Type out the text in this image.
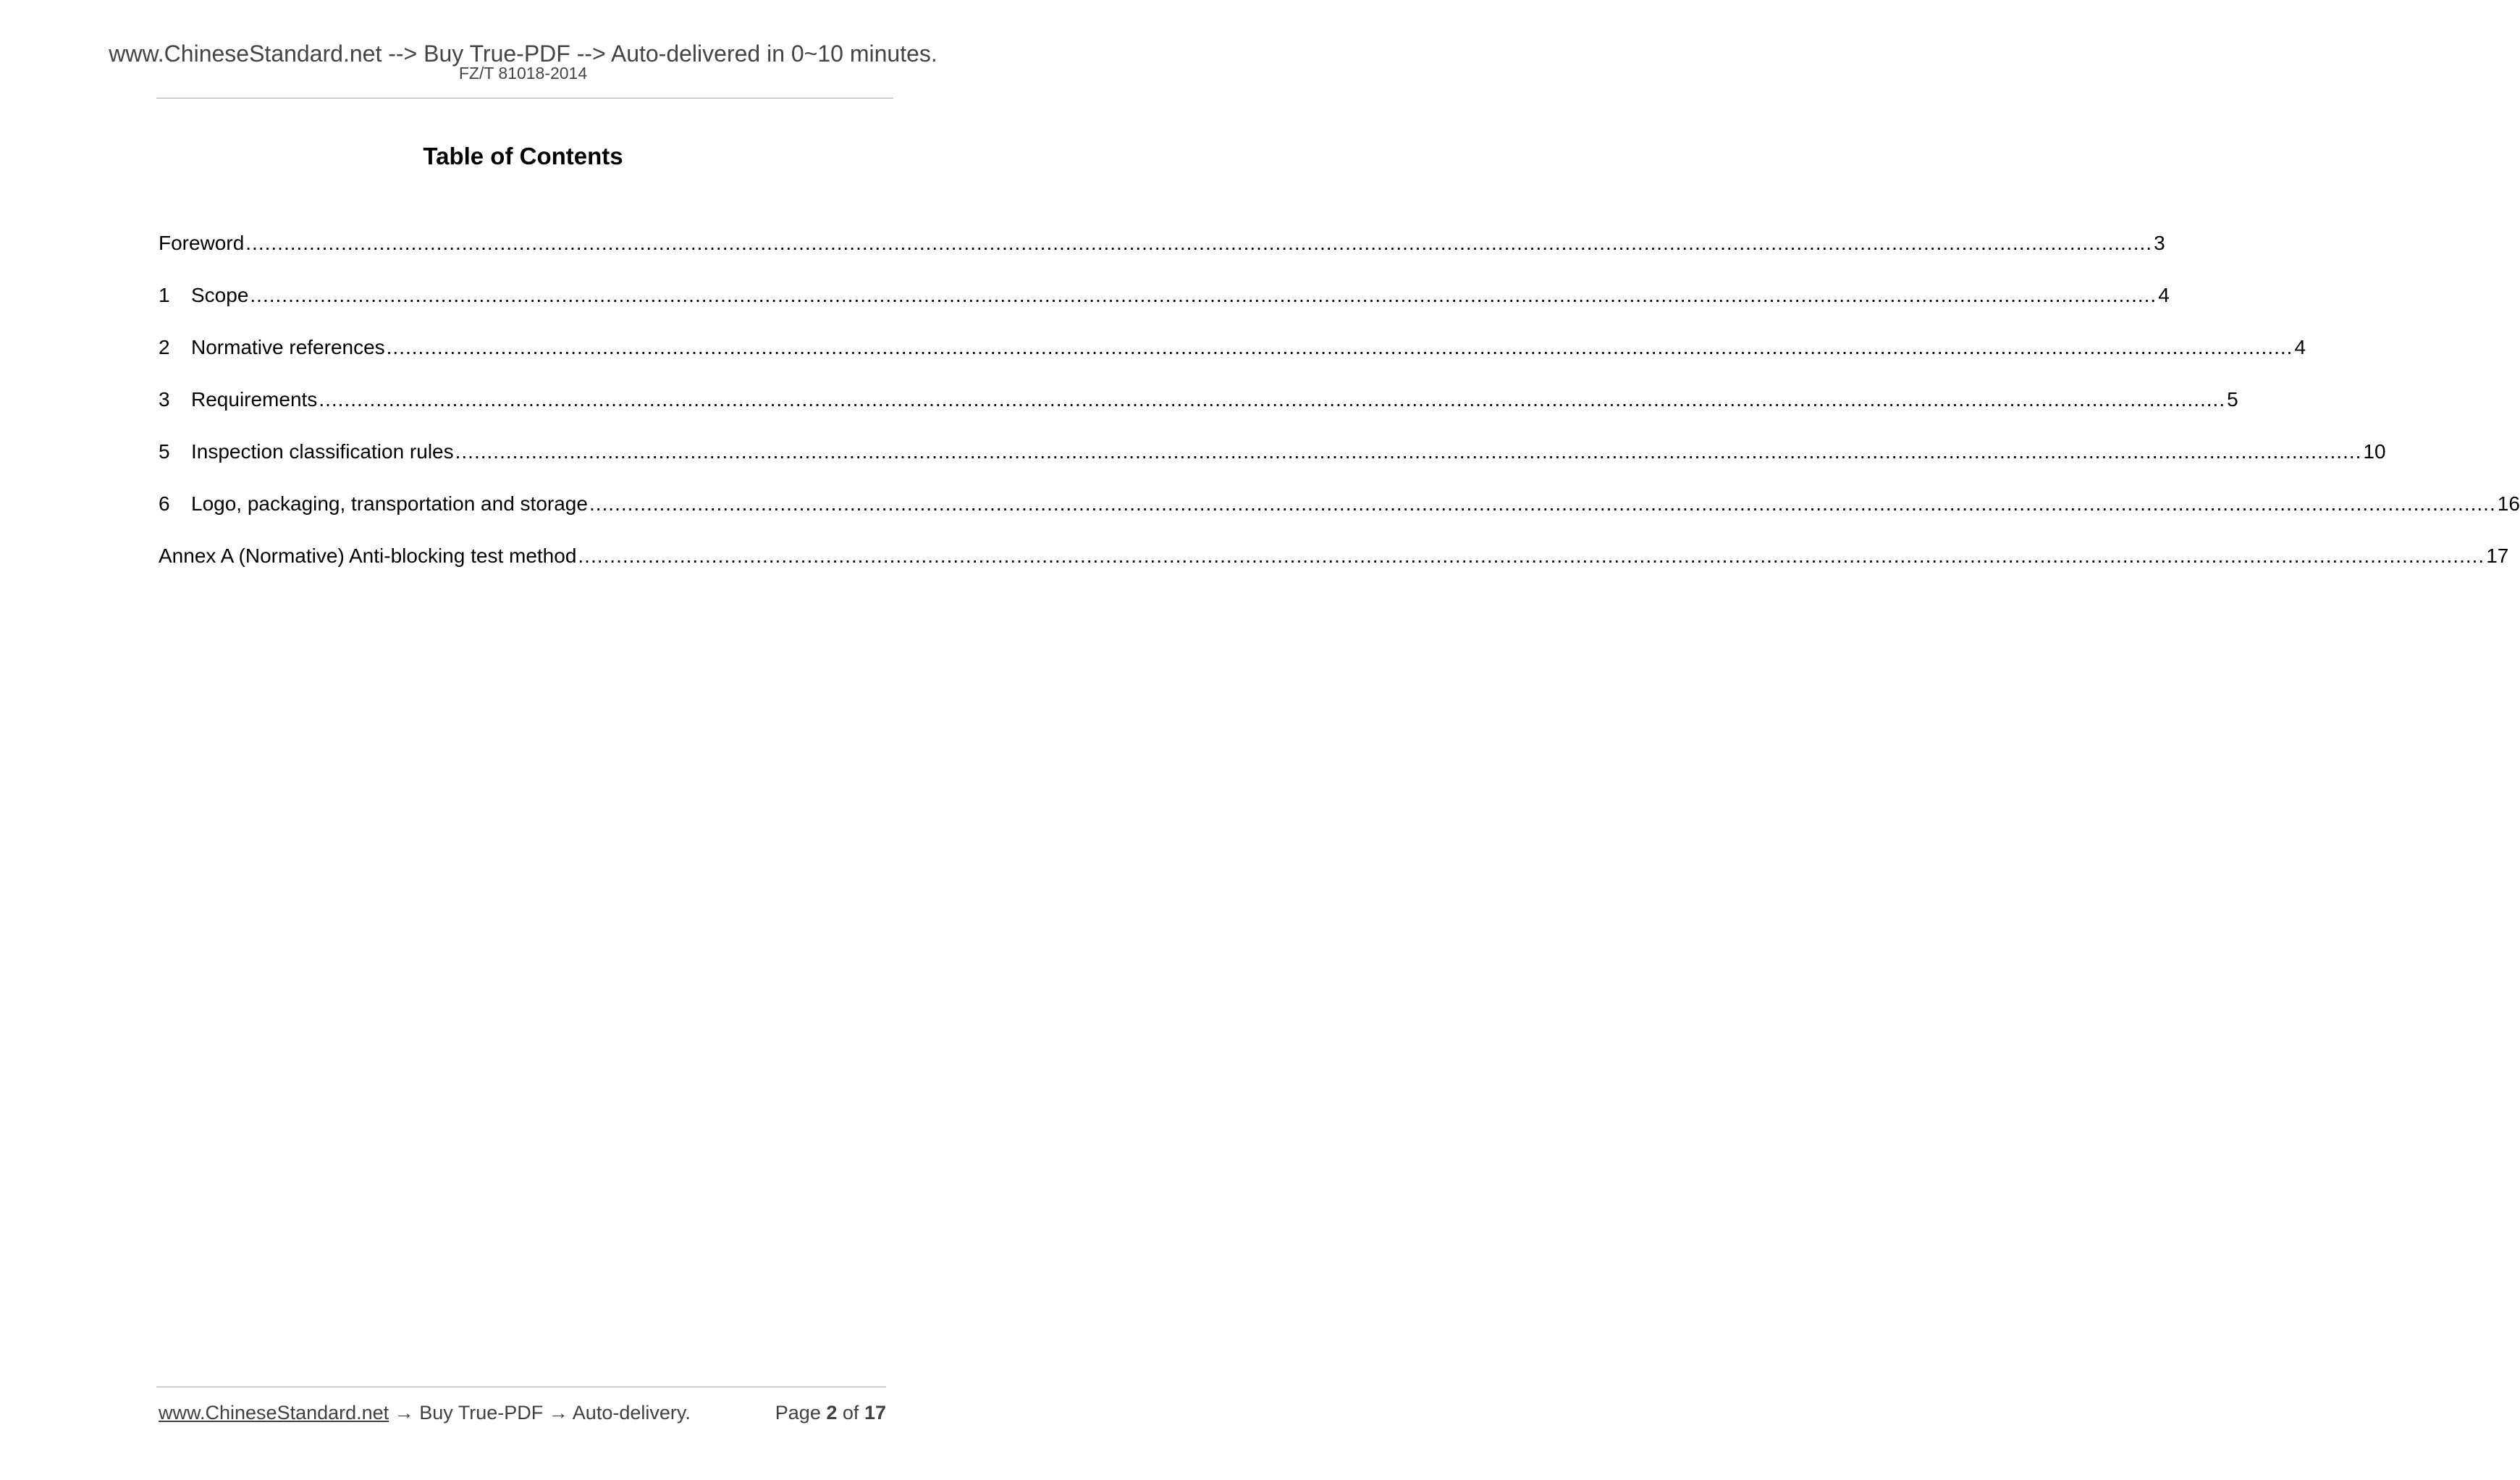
www.ChineseStandard.net --> Buy True-PDF --> Auto-delivered in 0~10 minutes.
FZ/T 81018-2014
Table of Contents
Foreword ............................................................................................................................................................................................................................................................................................................ 3
1	Scope ............................................................................................................................................................................................................................................................................................................ 4
2	Normative references ............................................................................................................................................................................................................................................................................................................ 4
3	Requirements ............................................................................................................................................................................................................................................................................................................ 5
5	Inspection classification rules ............................................................................................................................................................................................................................................................................................................ 10
6	Logo, packaging, transportation and storage ............................................................................................................................................................................................................................................................................................................ 16
Annex A (Normative) Anti-blocking test method ............................................................................................................................................................................................................................................................................................................ 17
www.ChineseStandard.net → Buy True-PDF → Auto-delivery.	Page 2 of 17
